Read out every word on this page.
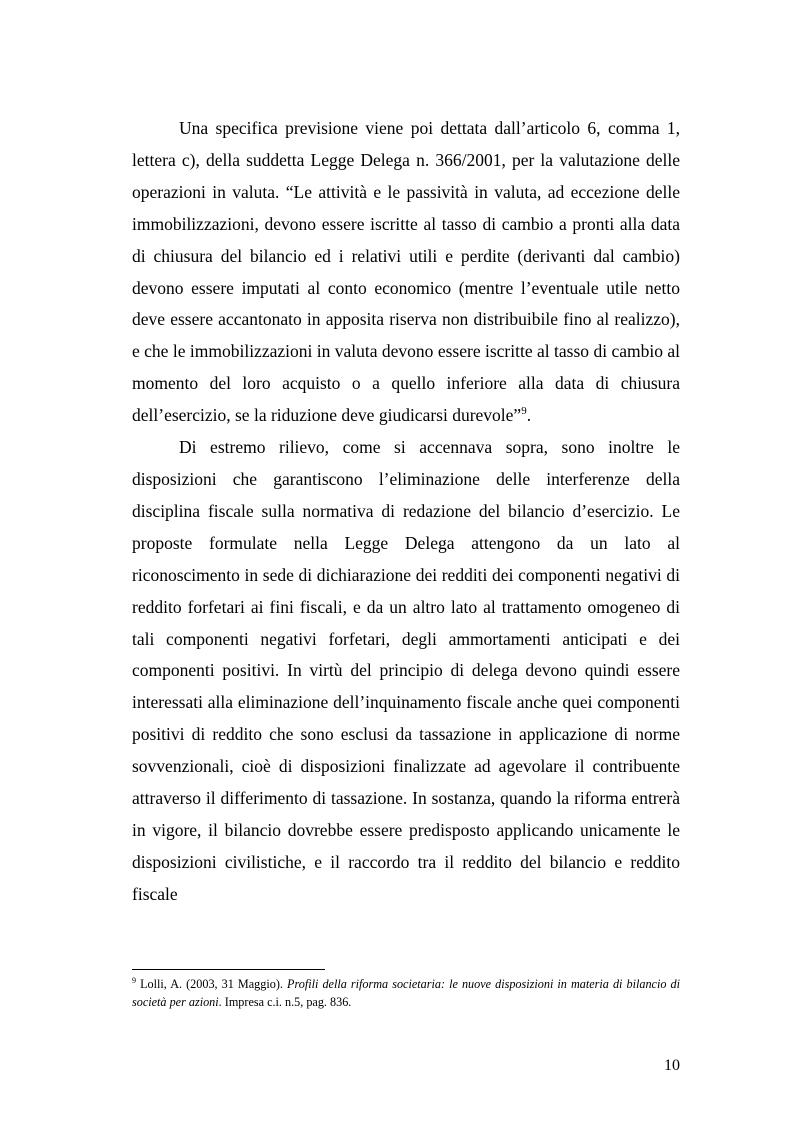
Una specifica previsione viene poi dettata dall’articolo 6, comma 1, lettera c), della suddetta Legge Delega n. 366/2001, per la valutazione delle operazioni in valuta. “Le attività e le passività in valuta, ad eccezione delle immobilizzazioni, devono essere iscritte al tasso di cambio a pronti alla data di chiusura del bilancio ed i relativi utili e perdite (derivanti dal cambio) devono essere imputati al conto economico (mentre l’eventuale utile netto deve essere accantonato in apposita riserva non distribuibile fino al realizzo), e che le immobilizzazioni in valuta devono essere iscritte al tasso di cambio al momento del loro acquisto o a quello inferiore alla data di chiusura dell’esercizio, se la riduzione deve giudicarsi durevole”$^9$.

Di estremo rilievo, come si accennava sopra, sono inoltre le disposizioni che garantiscono l’eliminazione delle interferenze della disciplina fiscale sulla normativa di redazione del bilancio d’esercizio. Le proposte formulate nella Legge Delega attengono da un lato al riconoscimento in sede di dichiarazione dei redditi dei componenti negativi di reddito forfetari ai fini fiscali, e da un altro lato al trattamento omogeneo di tali componenti negativi forfetari, degli ammortamenti anticipati e dei componenti positivi. In virtù del principio di delega devono quindi essere interessati alla eliminazione dell’inquinamento fiscale anche quei componenti positivi di reddito che sono esclusi da tassazione in applicazione di norme sovvenzionali, cioè di disposizioni finalizzate ad agevolare il contribuente attraverso il differimento di tassazione. In sostanza, quando la riforma entrerà in vigore, il bilancio dovrebbe essere predisposto applicando unicamente le disposizioni civilistiche, e il raccordo tra il reddito del bilancio e reddito fiscale

$^9$ Lolli, A. (2003, 31 Maggio). Profili della riforma societaria: le nuove disposizioni in materia di bilancio di società per azioni. Impresa c.i. n.5, pag. 836.
10
